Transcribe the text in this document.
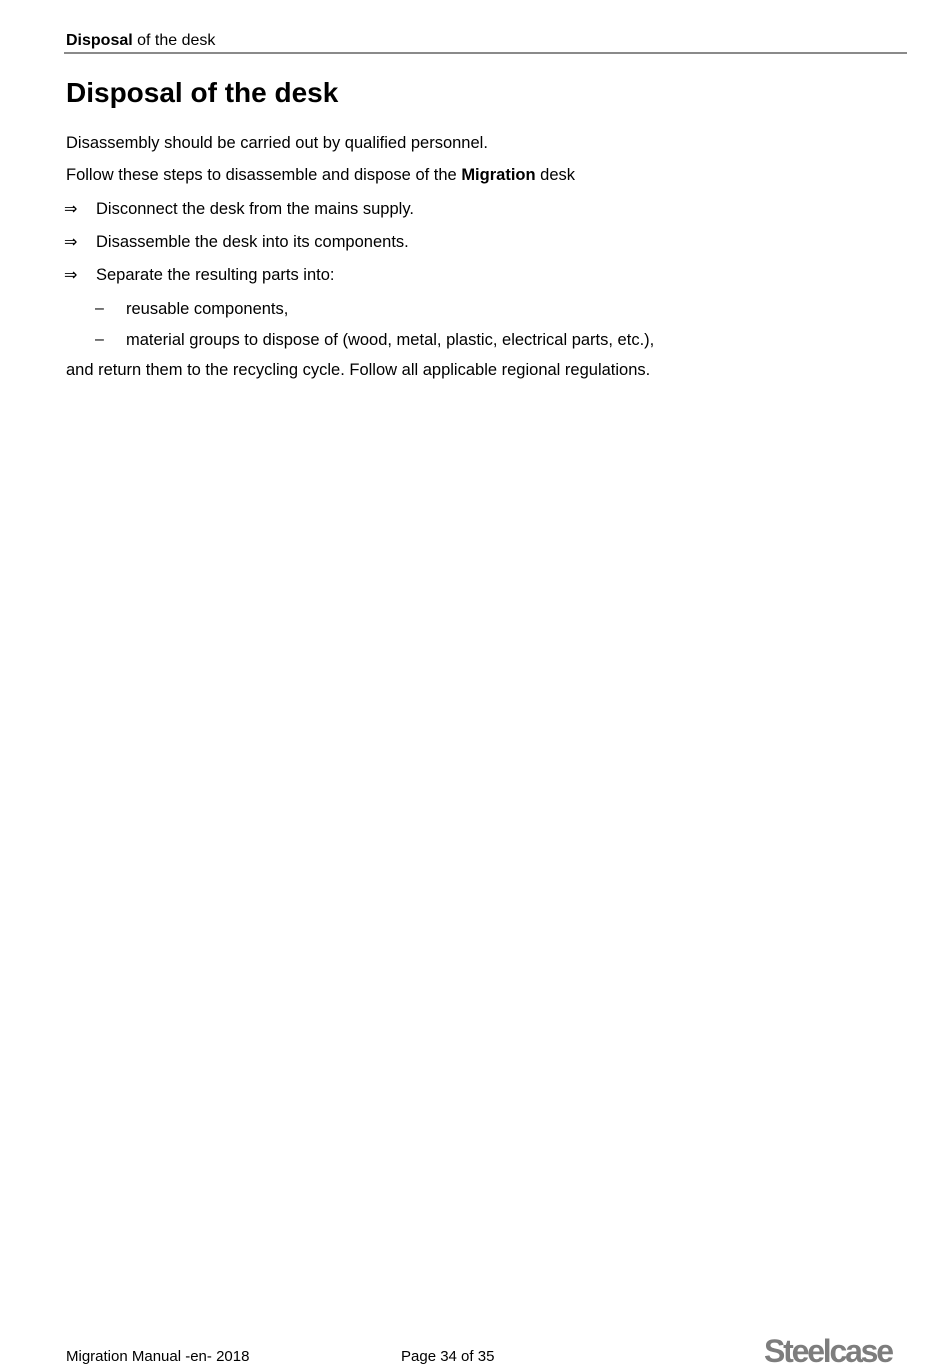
Disposal of the desk
Disposal of the desk
Disassembly should be carried out by qualified personnel.
Follow these steps to disassemble and dispose of the Migration desk
⇒ Disconnect the desk from the mains supply.
⇒ Disassemble the desk into its components.
⇒ Separate the resulting parts into:
– reusable components,
– material groups to dispose of (wood, metal, plastic, electrical parts, etc.),
and return them to the recycling cycle. Follow all applicable regional regulations.
Migration Manual -en- 2018	Page 34 of 35	Steelcase
